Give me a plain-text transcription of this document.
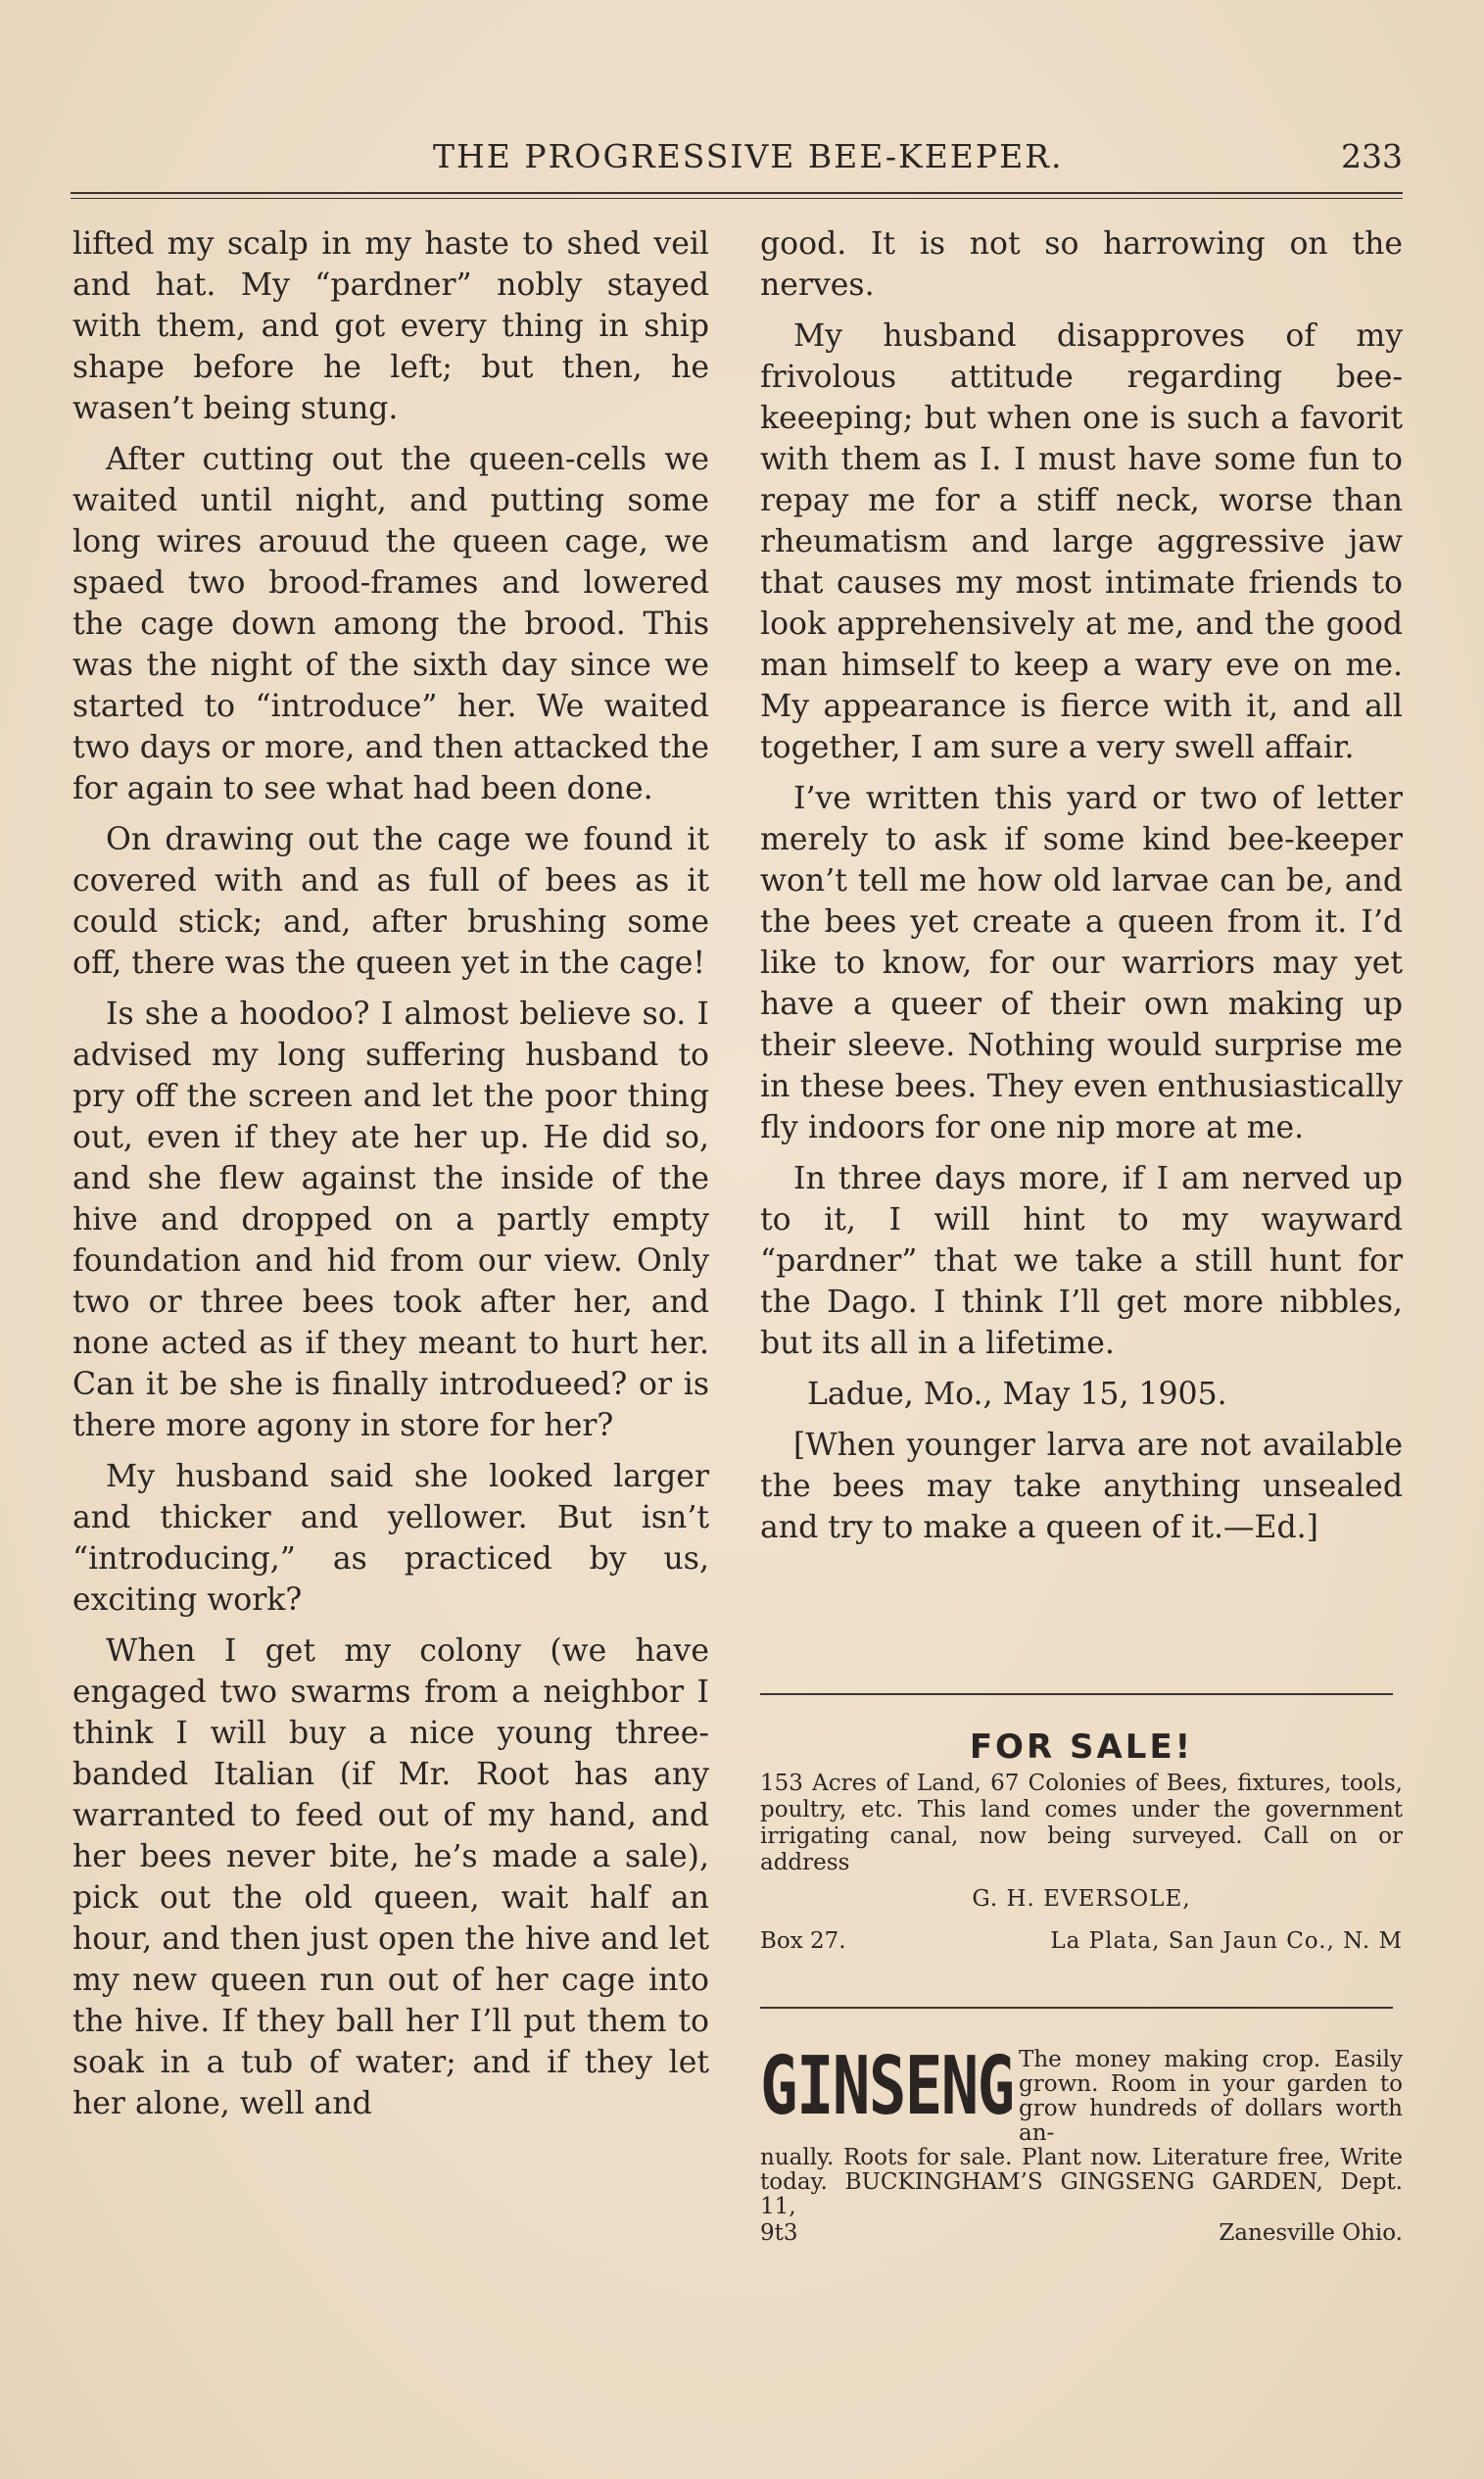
THE PROGRESSIVE BEE-KEEPER.	233

lifted my scalp in my haste to shed veil and hat. My “pardner” nobly stayed with them, and got every thing in ship shape before he left; but then, he wasen’t being stung.

After cutting out the queen-cells we waited until night, and putting some long wires arouud the queen cage, we spaed two brood-frames and lowered the cage down among the brood. This was the night of the sixth day since we started to “introduce” her. We waited two days or more, and then attacked the for again to see what had been done.

On drawing out the cage we found it covered with and as full of bees as it could stick; and, after brushing some off, there was the queen yet in the cage!

Is she a hoodoo? I almost believe so. I advised my long suffering husband to pry off the screen and let the poor thing out, even if they ate her up. He did so, and she flew against the inside of the hive and dropped on a partly empty foundation and hid from our view. Only two or three bees took after her, and none acted as if they meant to hurt her. Can it be she is finally introdueed? or is there more agony in store for her?

My husband said she looked larger and thicker and yellower. But isn’t “introducing,” as practiced by us, exciting work?

When I get my colony (we have engaged two swarms from a neighbor I think I will buy a nice young three-banded Italian (if Mr. Root has any warranted to feed out of my hand, and her bees never bite, he’s made a sale), pick out the old queen, wait half an hour, and then just open the hive and let my new queen run out of her cage into the hive. If they ball her I’ll put them to soak in a tub of water; and if they let her alone, well and

good. It is not so harrowing on the nerves.

My husband disapproves of my frivolous attitude regarding bee-keeeping; but when one is such a favorit with them as I. I must have some fun to repay me for a stiff neck, worse than rheumatism and large aggressive jaw that causes my most intimate friends to look apprehensively at me, and the good man himself to keep a wary eve on me. My appearance is fierce with it, and all together, I am sure a very swell affair.

I’ve written this yard or two of letter merely to ask if some kind bee-keeper won’t tell me how old larvae can be, and the bees yet create a queen from it. I’d like to know, for our warriors may yet have a queer of their own making up their sleeve. Nothing would surprise me in these bees. They even enthusiastically fly indoors for one nip more at me.

In three days more, if I am nerved up to it, I will hint to my wayward “pardner” that we take a still hunt for the Dago. I think I’ll get more nibbles, but its all in a lifetime.

Ladue, Mo., May 15, 1905.

[When younger larva are not available the bees may take anything unsealed and try to make a queen of it.—Ed.]

FOR SALE!
153 Acres of Land, 67 Colonies of Bees, fixtures, tools, poultry, etc. This land comes under the government irrigating canal, now being surveyed. Call on or address
G. H. EVERSOLE,
Box 27.	La Plata, San Jaun Co., N. M
GINSENG The money making crop. Easily grown. Room in your garden to grow hundreds of dollars worth an-
nually. Roots for sale. Plant now. Literature free, Write today. BUCKINGHAM’S GINGSENG GARDEN, Dept. 11,
9t3	Zanesville Ohio.
